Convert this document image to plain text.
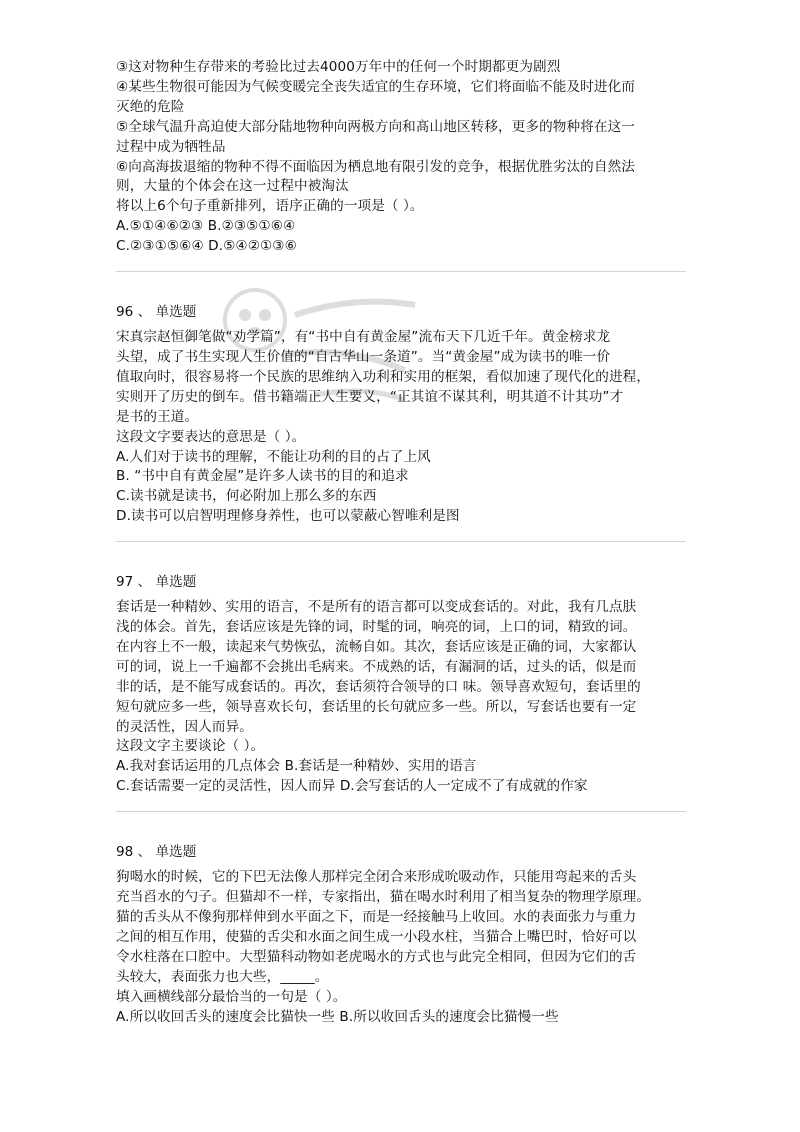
③这对物种生存带来的考验比过去4000万年中的任何一个时期都更为剧烈
④某些生物很可能因为气候变暖完全丧失适宜的生存环境，它们将面临不能及时进化而
灭绝的危险
⑤全球气温升高迫使大部分陆地物种向两极方向和髙山地区转移，更多的物种将在这一
过程中成为牺牲品
⑥向高海拔退缩的物种不得不面临因为栖息地有限引发的竞争，根据优胜劣汰的自然法
则，大量的个体会在这一过程中被淘汰
将以上6个句子重新排列，语序正确的一项是（ ）。
A.⑤①④⑥②③ B.②③⑤①⑥④
C.②③①⑤⑥④ D.⑤④②①③⑥
96 、 单选题
宋真宗赵恒御笔做“劝学篇”，有“书中自有黄金屋”流布天下几近千年。黄金榜求龙
头望，成了书生实现人生价值的“自古华山一条道”。当“黄金屋”成为读书的唯一价
值取向时，很容易将一个民族的思维纳入功利和实用的框架，看似加速了现代化的进程，
实则开了历史的倒车。借书籍端正人生要义，“正其谊不谋其利，明其道不计其功”才
是书的王道。
这段文字要表达的意思是（ ）。
A.人们对于读书的理解，不能让功利的目的占了上风
B. “书中自有黄金屋”是许多人读书的目的和追求
C.读书就是读书，何必附加上那么多的东西
D.读书可以启智明理修身养性，也可以蒙蔽心智唯利是图
97 、 单选题
套话是一种精妙、实用的语言，不是所有的语言都可以变成套话的。对此，我有几点肤
浅的体会。首先，套话应该是先锋的词，时髦的词，响亮的词，上口的词，精致的词。
在内容上不一般，读起来气势恢弘，流畅自如。其次，套话应该是正确的词，大家都认
可的词，说上一千遍都不会挑出毛病来。不成熟的话，有漏洞的话，过头的话，似是而
非的话，是不能写成套话的。再次，套话须符合领导的口 味。领导喜欢短句，套话里的
短句就应多一些，领导喜欢长句，套话里的长句就应多一些。所以，写套话也要有一定
的灵活性，因人而异。
这段文字主要谈论（ ）。
A.我对套话运用的几点体会 B.套话是一种精妙、实用的语言
C.套话需要一定的灵活性，因人而异 D.会写套话的人一定成不了有成就的作家
98 、 单选题
狗喝水的时候，它的下巴无法像人那样完全闭合来形成吮吸动作，只能用弯起来的舌头
充当舀水的勺子。但猫却不一样，专家指出，猫在喝水时利用了相当复杂的物理学原理。
猫的舌头从不像狗那样伸到水平面之下，而是一经接触马上收回。水的表面张力与重力
之间的相互作用，使猫的舌尖和水面之间生成一小段水柱，当猫合上嘴巴时，恰好可以
令水柱落在口腔中。大型猫科动物如老虎喝水的方式也与此完全相同，但因为它们的舌
头较大，表面张力也大些，_____。
填入画横线部分最恰当的一句是（ ）。
A.所以收回舌头的速度会比猫快一些 B.所以收回舌头的速度会比猫慢一些
